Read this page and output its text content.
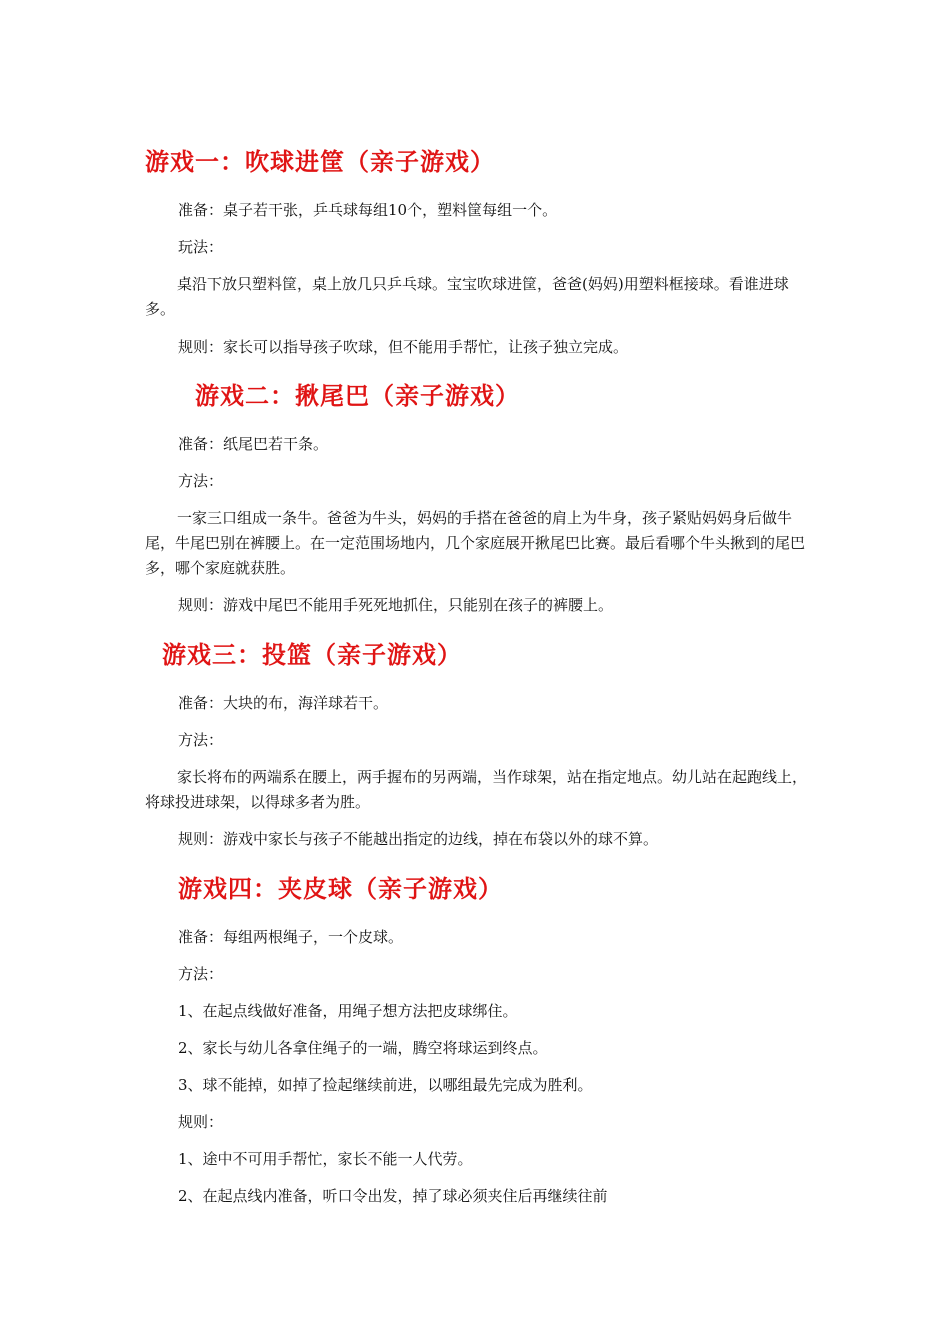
游戏一：吹球进筐（亲子游戏）

准备：桌子若干张，乒乓球每组10个，塑料筐每组一个。

玩法：

桌沿下放只塑料筐，桌上放几只乒乓球。宝宝吹球进筐，爸爸(妈妈)用塑料框接球。看谁进球多。

规则：家长可以指导孩子吹球，但不能用手帮忙，让孩子独立完成。

游戏二：揪尾巴（亲子游戏）

准备：纸尾巴若干条。

方法：

一家三口组成一条牛。爸爸为牛头，妈妈的手搭在爸爸的肩上为牛身，孩子紧贴妈妈身后做牛尾，牛尾巴别在裤腰上。在一定范围场地内，几个家庭展开揪尾巴比赛。最后看哪个牛头揪到的尾巴多，哪个家庭就获胜。

规则：游戏中尾巴不能用手死死地抓住，只能别在孩子的裤腰上。

游戏三：投篮（亲子游戏）

准备：大块的布，海洋球若干。

方法：

家长将布的两端系在腰上，两手握布的另两端，当作球架，站在指定地点。幼儿站在起跑线上，将球投进球架，以得球多者为胜。

规则：游戏中家长与孩子不能越出指定的边线，掉在布袋以外的球不算。

游戏四：夹皮球（亲子游戏）

准备：每组两根绳子，一个皮球。

方法：

1、在起点线做好准备，用绳子想方法把皮球绑住。

2、家长与幼儿各拿住绳子的一端，腾空将球运到终点。

3、球不能掉，如掉了捡起继续前进，以哪组最先完成为胜利。

规则：

1、途中不可用手帮忙，家长不能一人代劳。

2、在起点线内准备，听口令出发，掉了球必须夹住后再继续往前
